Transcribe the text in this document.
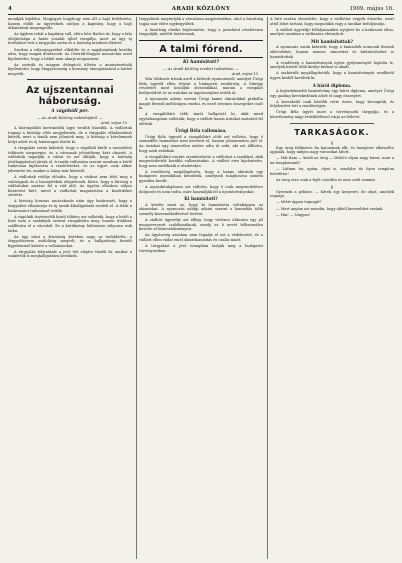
4	ARADI KÖZLÖNY	1909. május 16.

mondják kijelölni. Megjegyzi hogyhogy nem áll a hajó fedélzetén, hanem előbb az ügyvédnek szóljon a kapitány, hogy a hajó átkutatását megengedte.

Az ügyben tehát a kapitány vall, előre kéri Radics úr, hogy a falu elöljárósága a határ vonalát újból vizsgálja, mert az ügy új fordulatot vett a tárgyalás során és a hatóság mindent elkövet.

Szerbia a válaszjegyzéket elküldte és a nagyhatalmak kezébe adta, hogy maguk döntsenek. Az Osztrák-Magyar monarchia ezzel kijelentette, hogy a békét nem akarja megzavarni.

Az osztrák és magyar delegáció ülésén a miniszterelnök kijelentette, hogy Magyarország a kormány támogatásával a határt megvédi.

Az ujszentannai háboruság.
A vágóhídi per.
— Az Aradi Közlöny tudósítójától. —
Arad, május 15.

A közvágóhídi kereskedők ügye tovább húzódik. A vádlottak tegnap a bíróság előtt megjelentek, de a tárgyalás elhalasztását kérték, mert a tanúk nem jelentek meg. A bíróság a kérelemnek helyt adott és új határnapot tűzött ki.

A tárgyalás során kiderült, hogy a vágóhídi bérlő a szerződést többször megszegte, és a városnak jelentékeny kárt okozott. A vádlottak tagadják a vádat és azt állítják, hogy a hatóság jóváhagyásával jártak el. A tanúk vallomása szerint azonban a bérlő tudatosan kijátszotta a rendeleteket, és az ügyet csak akkor jelentette be, amikor a hiány már kiderült.

A vádlottak védője előadta, hogy a vádirat nem felel meg a valóságnak és a bizonyítékok elégtelenek. Kérte, hogy a bíróság a vádlottakat mentse fel a vád alól. Az ügyész ellenben súlyos büntetést kért, mivel a vádlottak magatartása a közérdeket sértette.

A bíróság hosszas tanácskozás után úgy határozott, hogy a tárgyalást elhalasztja és új tanúk kihallgatását rendeli el. A felek a határozatot tudomásul vették.

A vágóhídi tisztviselők közül többen azt vallották, hogy a bérlő a húst nem a szabályok szerint vizsgáltatta meg, hanem titokban szállította el a városból. Ez a körülmény különösen súlyosan esik latba.

Az ügy iránt a közönség körében nagy az érdeklődés, a tárgyalóterem zsúfolásig megtelt, és a hallgatóság feszült figyelemmel kísérte a vallomásokat.

A tárgyalás folytatását a jövő hét elejére tűzték ki, amikor a szakértők is meghallgatásra kerülnek.

tárgyalását megtartják a városháza nagytermében, ahol a bizottság tagjai már előre egybegyűltek.

A bizottság elnöke bejelentette, hogy a javaslatot részletesen tárgyalják, mielőtt határoznak.

A talmi fórend.
Ki hamisított?
— Az Aradi Közlöny eredeti tudósítása. —
Arad, május 15.

Már többször írtunk arról a hírhedt nyomozásról, amelyet Ürögi Béla ügyvéd ellen folytat a budapesti rendőrség. A bűnügy részleteit most közöljük olvasóinkkal, miután a vizsgálat befejeződött és az iratokat az ügyészséghez tették át.

A nyomozás adatai szerint Ürögi hamis okiratokkal próbálta magát fórendi méltóságra emelni, és ezzel tetemes összegeket csalt ki.

A vizsgálóbíró több tanút hallgatott ki, akik mind egybehangzóan vallották, hogy a vádlott hamis iratokat mutatott fel előttük.

Ürögi Béla vallomása.

Ürögi Béla ügyvéd a vizsgálóbíró előtt azt vallotta, hogy ő semmiféle hamisítást nem követett el, hanem jóhiszeműen járt el. Az iratokat egy ismeretlen ember adta át neki, aki azt állította, hogy azok valódiak.

A vizsgálóbíró ezután szembesítette a vádlottat a tanúkkal, akik megerősítették korábbi vallomásukat. A vádlott erre kijelentette, hogy nem emlékszik a részletekre.

A rendőrség megállapította, hogy a hamis okiratok egy budapesti nyomdában készültek, amelynek tulajdonosa szintén gyanúba került.

A nyomdatulajdonos azt vallotta, hogy ő csak megrendelésre dolgozott és nem tudta, mire használják fel a nyomtatványokat.

Ki hamisított?

A kérdés most az, hogy ki hamisította voltaképpen az okiratokat. A nyomozás eddigi adatai szerint a hamisítás több személy közreműködésével történt.

A vádlott ügyvédje azt állítja, hogy védence áldozata egy jól megszervezett csalóbandának, amely az ő nevét felhasználva követte el bűncselekményeit.

Az ügyészség azonban nem fogadja el ezt a védekezést, és a vádlott ellen vádat emel okirathamisítás és csalás miatt.

A tárgyalást a jövő hónapban tartják meg a budapesti törvényszéken.

A bíró ezután elrendelte, hogy a vádlottat vegyék őrizetbe, mert attól lehet tartani, hogy megszökik vagy a tanúkat befolyásolja.

A vádlott ügyvédje felfolyamodást nyújtott be a határozat ellen, amelyet azonban a vádtanács elutasított.

Mit hamisítottak?

A nyomozás során kiderült, hogy a hamisítók nemcsak fórendi okleveleket, hanem nemesi címereket és kitüntetéseket is hamisítottak.

A rendőrség a hamisítványok egész gyűjteményét foglalta le, amelyek között több királyi kézirat is akadt.

A szakértők megállapították, hogy a hamisítványok rendkívül ügyes kézből kerültek ki.

A bárói diploma.

A legérdekesebb hamisítvány egy bárói diploma, amelyet Ürögi egy gazdag kereskedőnek adott el nagy összegért.

A kereskedő csak később vette észre, hogy becsapták, és feljelentést tett a rendőrségen.

Ürögi Béla ügyét most a törvényszék tárgyalja, és a közvélemény nagy érdeklődéssel várja az ítéletet.

TARKASÁGOK.
§

Egy öreg földmíves fia katonának állt, és hazajövet elbeszélte apjának, hogy milyen nagy városokat látott.

— Hát fiam — kérdi az öreg — láttál-e olyan nagy házat, mint a mi templomunk?

— Láttam én, apám, olyat is, amelybe tíz ilyen templom beleférne!

Az öreg erre csak a fejét csóválta és nem szólt semmit.

§

Gyermek a pékhez: — Kérek egy kenyeret, de olyat, amelyik tegnapi.

— Miért éppen tegnapit?

— Mert anyám azt mondta, hogy abból kevesebbet eszünk.

— Hm! — Nagyon!
